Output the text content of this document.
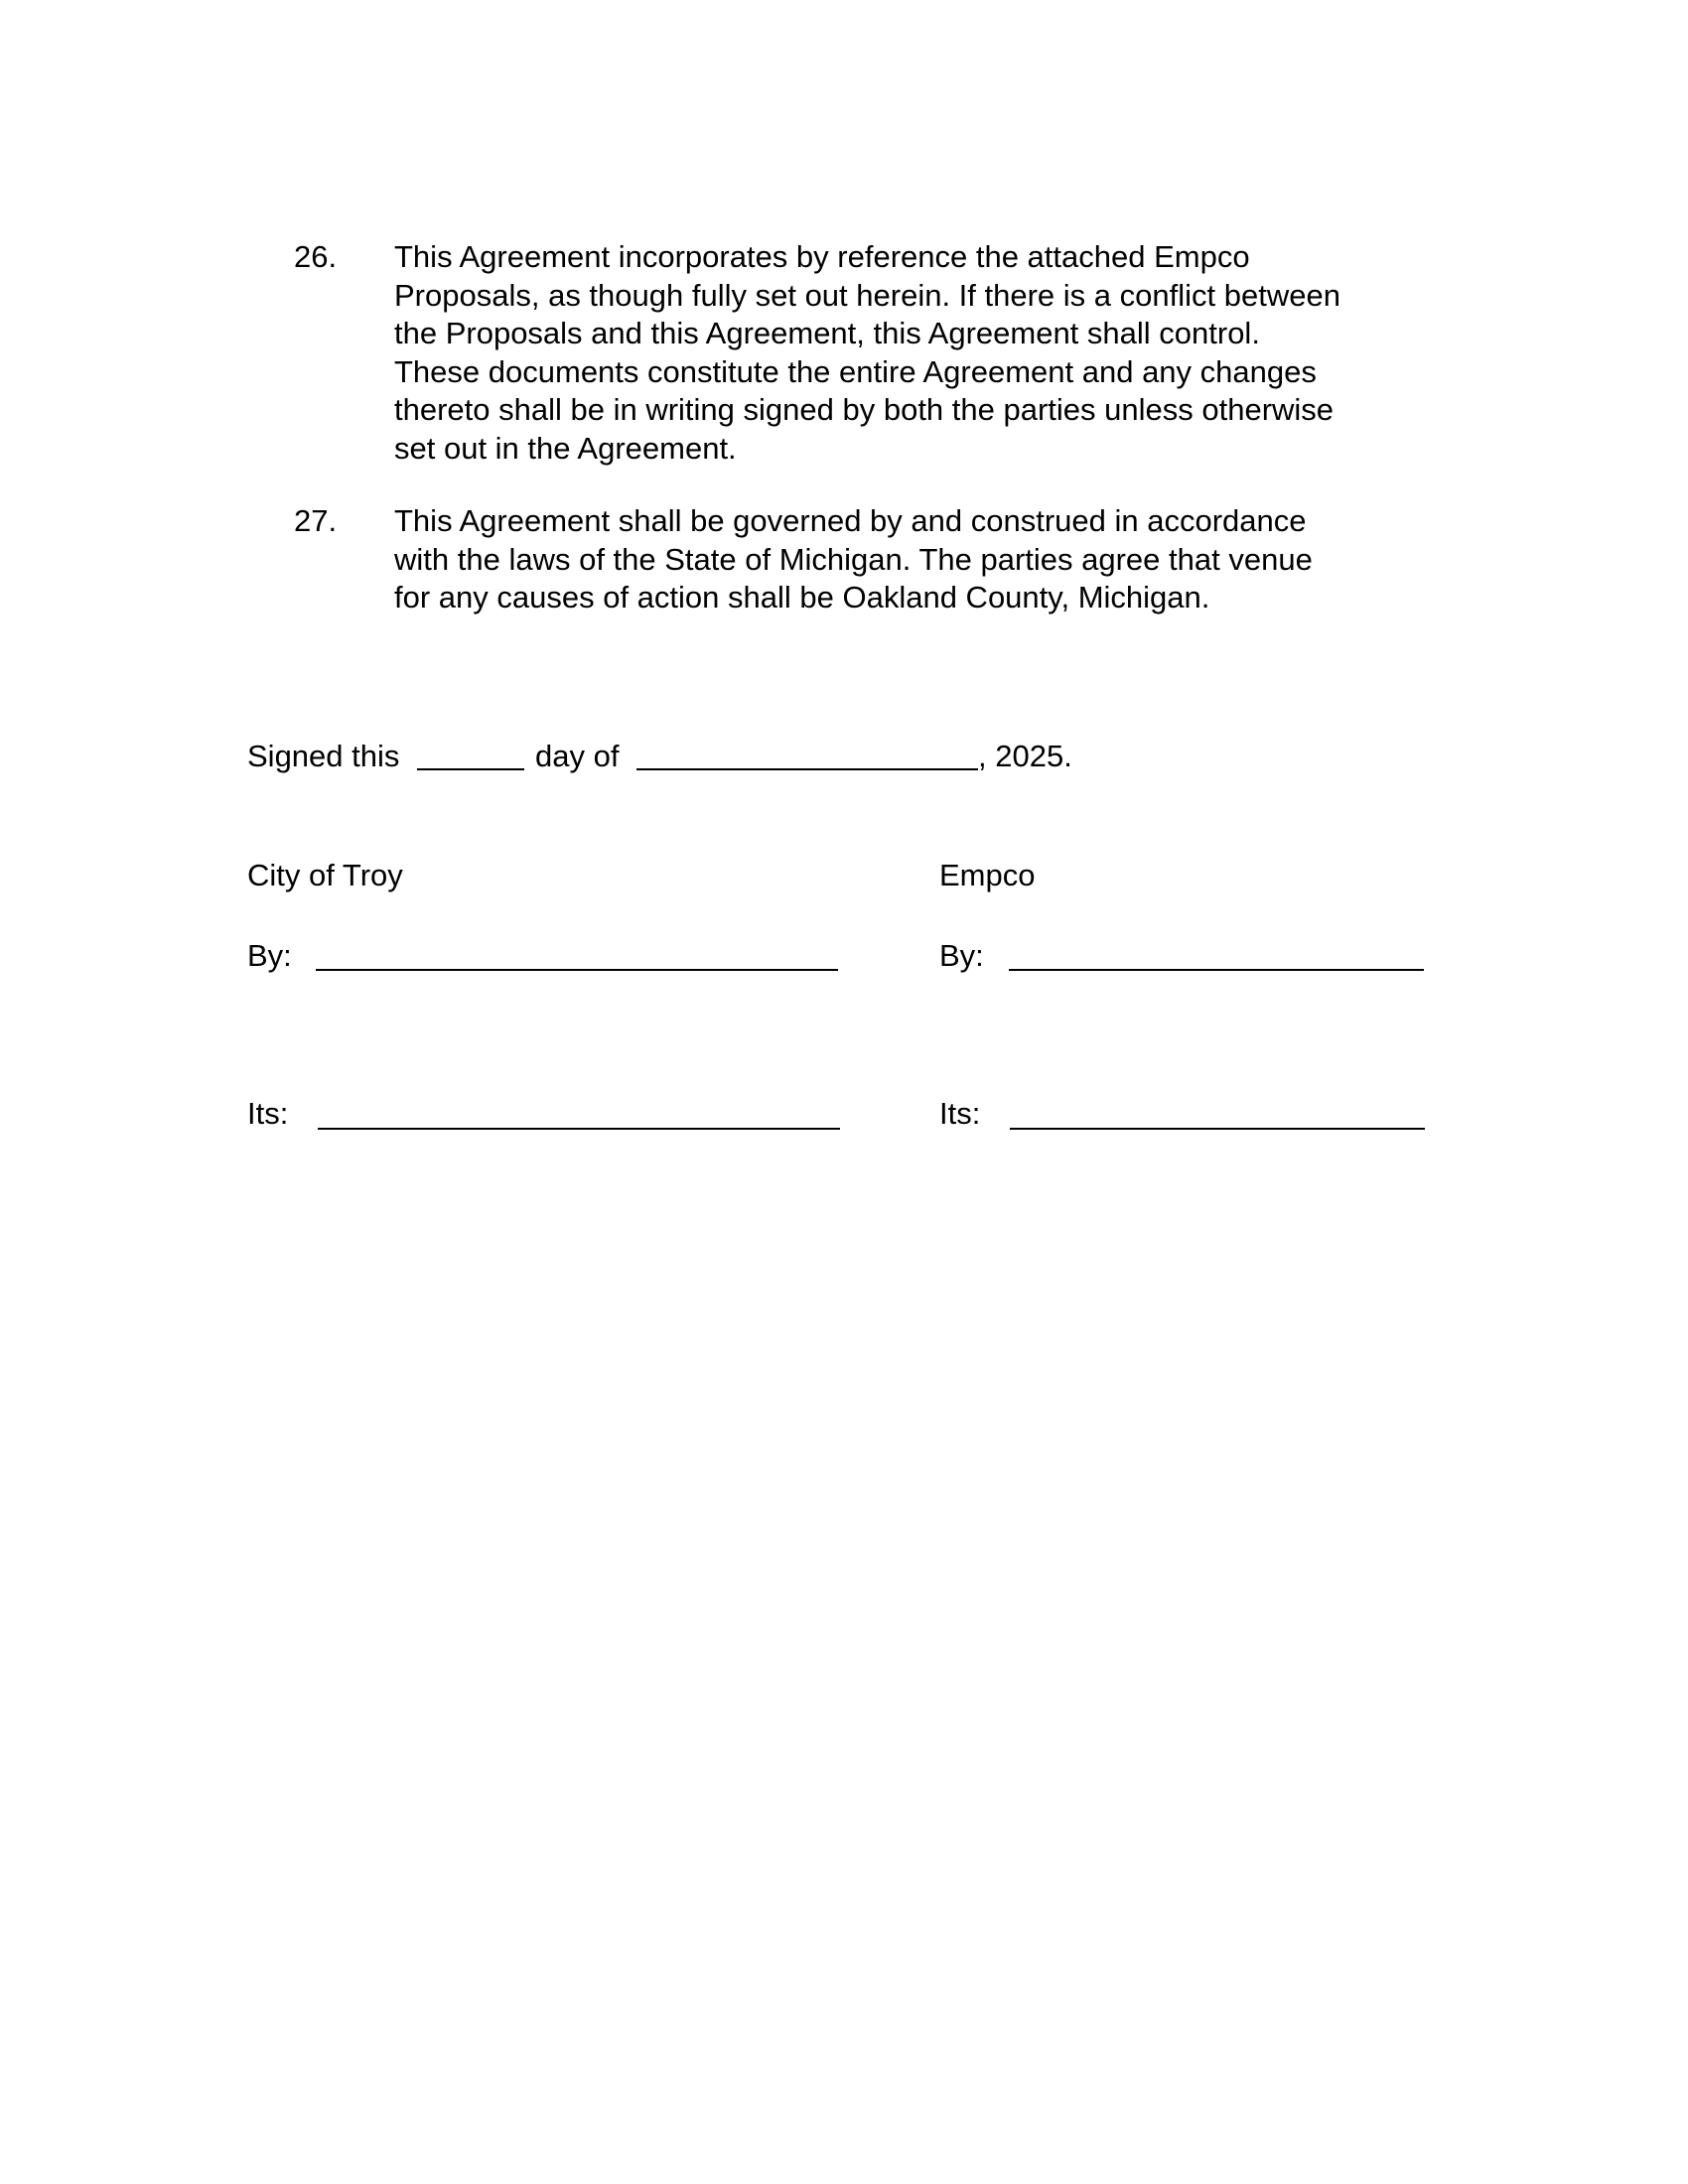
26.	This Agreement incorporates by reference the attached Empco
Proposals, as though fully set out herein. If there is a conflict between
the Proposals and this Agreement, this Agreement shall control.
These documents constitute the entire Agreement and any changes
thereto shall be in writing signed by both the parties unless otherwise
set out in the Agreement.
27.	This Agreement shall be governed by and construed in accordance
with the laws of the State of Michigan. The parties agree that venue
for any causes of action shall be Oakland County, Michigan.
Signed this	day of	, 2025.
City of Troy	Empco
By:	By:
Its:	Its:
